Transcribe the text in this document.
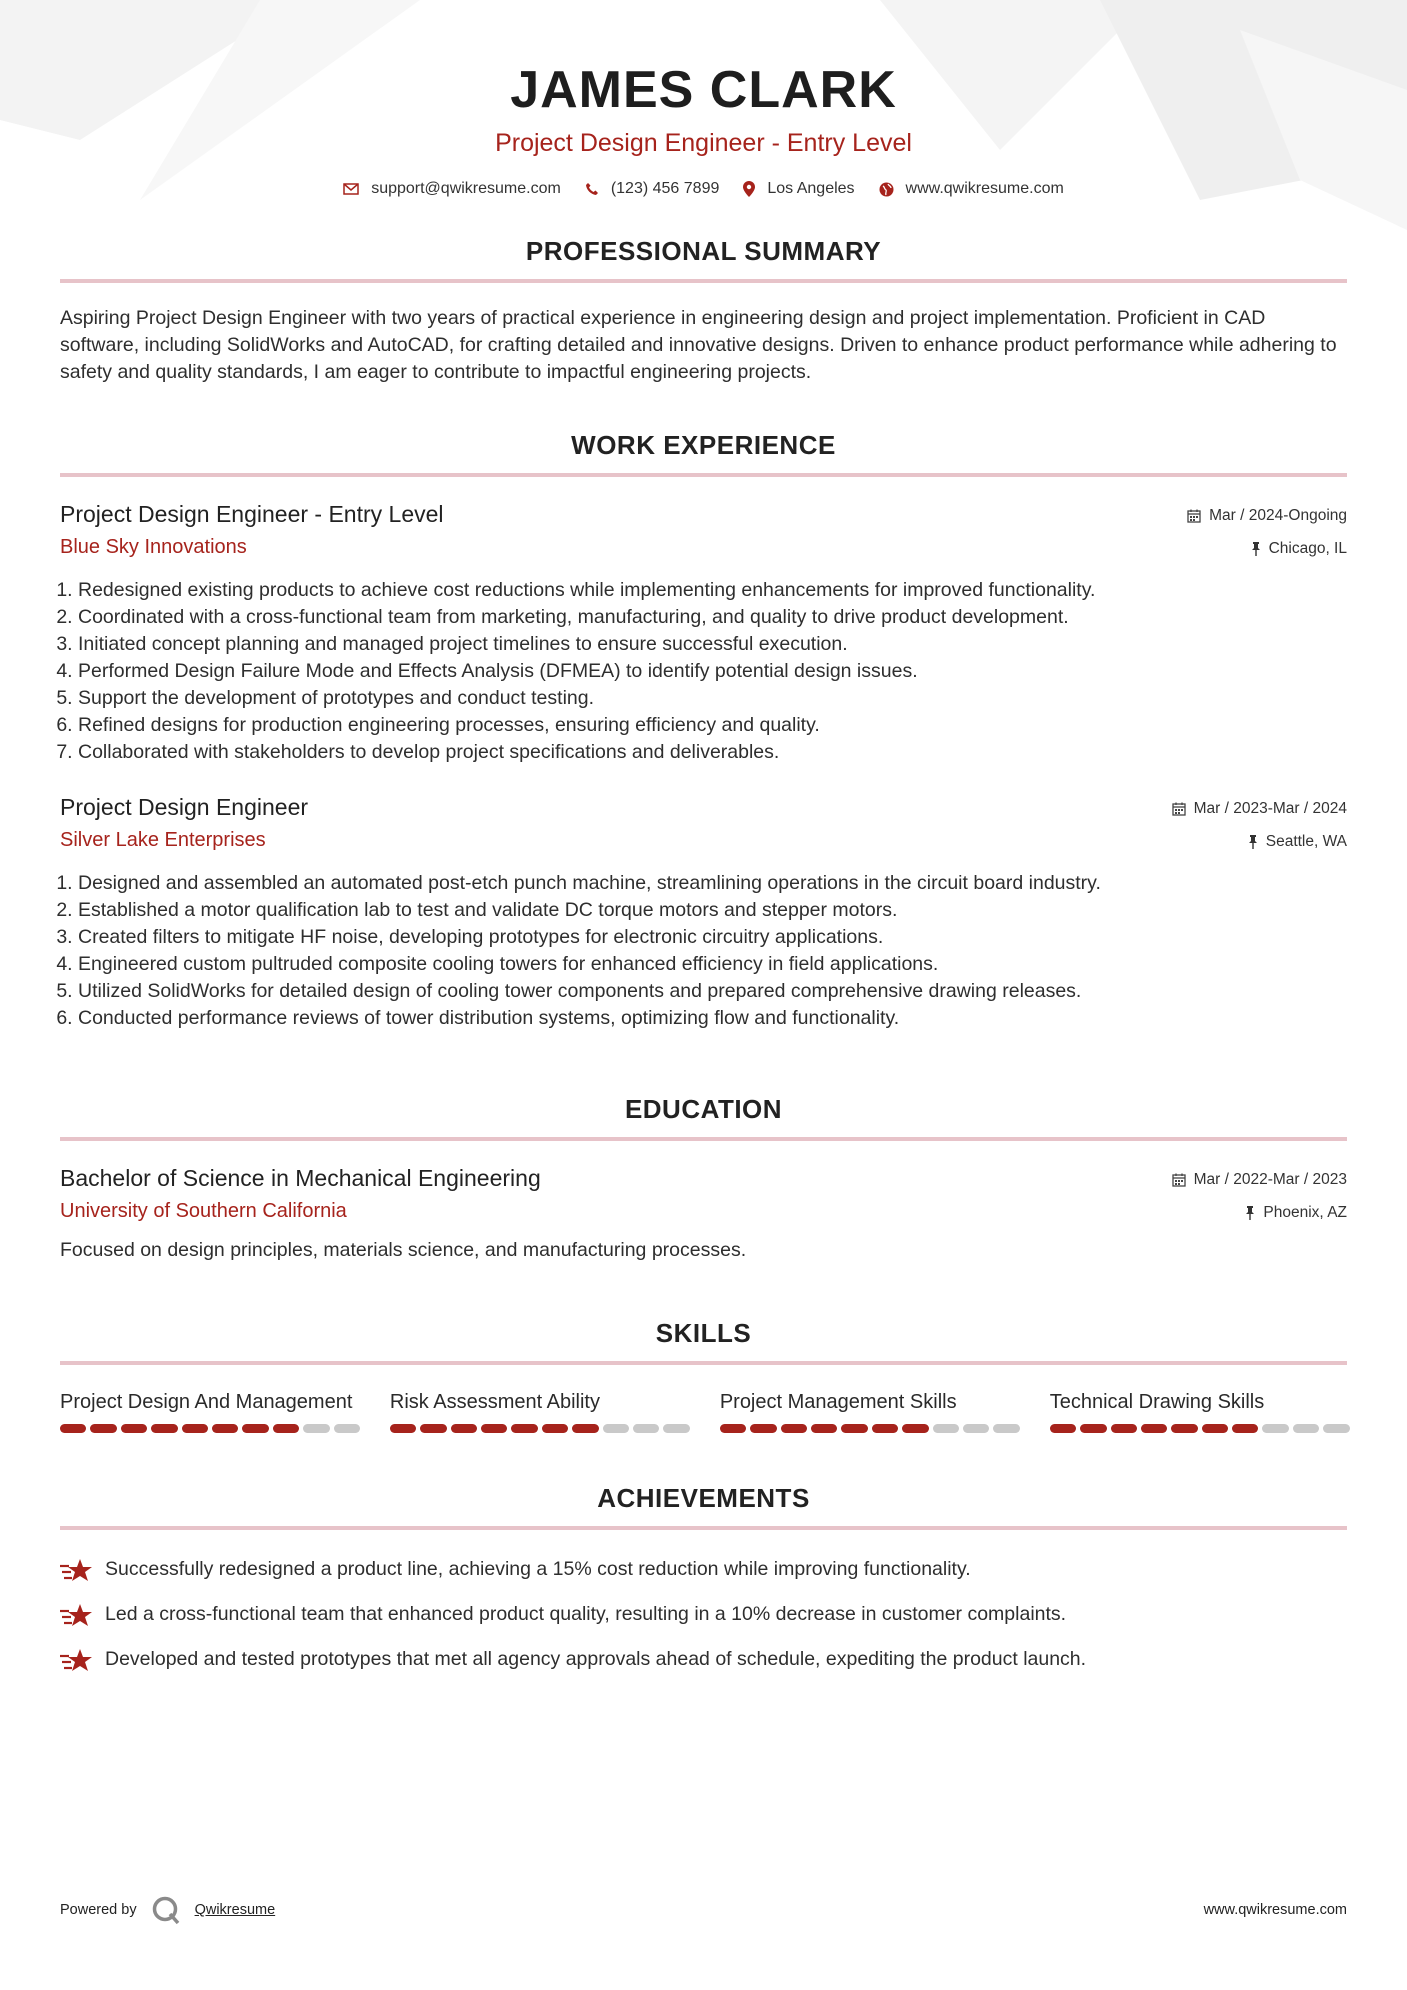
JAMES CLARK
Project Design Engineer - Entry Level
support@qwikresume.com	(123) 456 7899	Los Angeles	www.qwikresume.com
PROFESSIONAL SUMMARY
Aspiring Project Design Engineer with two years of practical experience in engineering design and project implementation. Proficient in CAD software, including SolidWorks and AutoCAD, for crafting detailed and innovative designs. Driven to enhance product performance while adhering to safety and quality standards, I am eager to contribute to impactful engineering projects.
WORK EXPERIENCE
Project Design Engineer - Entry Level
Blue Sky Innovations
Mar / 2024-Ongoing
Chicago, IL
1. Redesigned existing products to achieve cost reductions while implementing enhancements for improved functionality.
2. Coordinated with a cross-functional team from marketing, manufacturing, and quality to drive product development.
3. Initiated concept planning and managed project timelines to ensure successful execution.
4. Performed Design Failure Mode and Effects Analysis (DFMEA) to identify potential design issues.
5. Support the development of prototypes and conduct testing.
6. Refined designs for production engineering processes, ensuring efficiency and quality.
7. Collaborated with stakeholders to develop project specifications and deliverables.
Project Design Engineer
Silver Lake Enterprises
Mar / 2023-Mar / 2024
Seattle, WA
1. Designed and assembled an automated post-etch punch machine, streamlining operations in the circuit board industry.
2. Established a motor qualification lab to test and validate DC torque motors and stepper motors.
3. Created filters to mitigate HF noise, developing prototypes for electronic circuitry applications.
4. Engineered custom pultruded composite cooling towers for enhanced efficiency in field applications.
5. Utilized SolidWorks for detailed design of cooling tower components and prepared comprehensive drawing releases.
6. Conducted performance reviews of tower distribution systems, optimizing flow and functionality.
EDUCATION
Bachelor of Science in Mechanical Engineering
University of Southern California
Mar / 2022-Mar / 2023
Phoenix, AZ
Focused on design principles, materials science, and manufacturing processes.
SKILLS
Project Design And Management	Risk Assessment Ability	Project Management Skills	Technical Drawing Skills
ACHIEVEMENTS
Successfully redesigned a product line, achieving a 15% cost reduction while improving functionality.
Led a cross-functional team that enhanced product quality, resulting in a 10% decrease in customer complaints.
Developed and tested prototypes that met all agency approvals ahead of schedule, expediting the product launch.
Powered by	Qwikresume	www.qwikresume.com
